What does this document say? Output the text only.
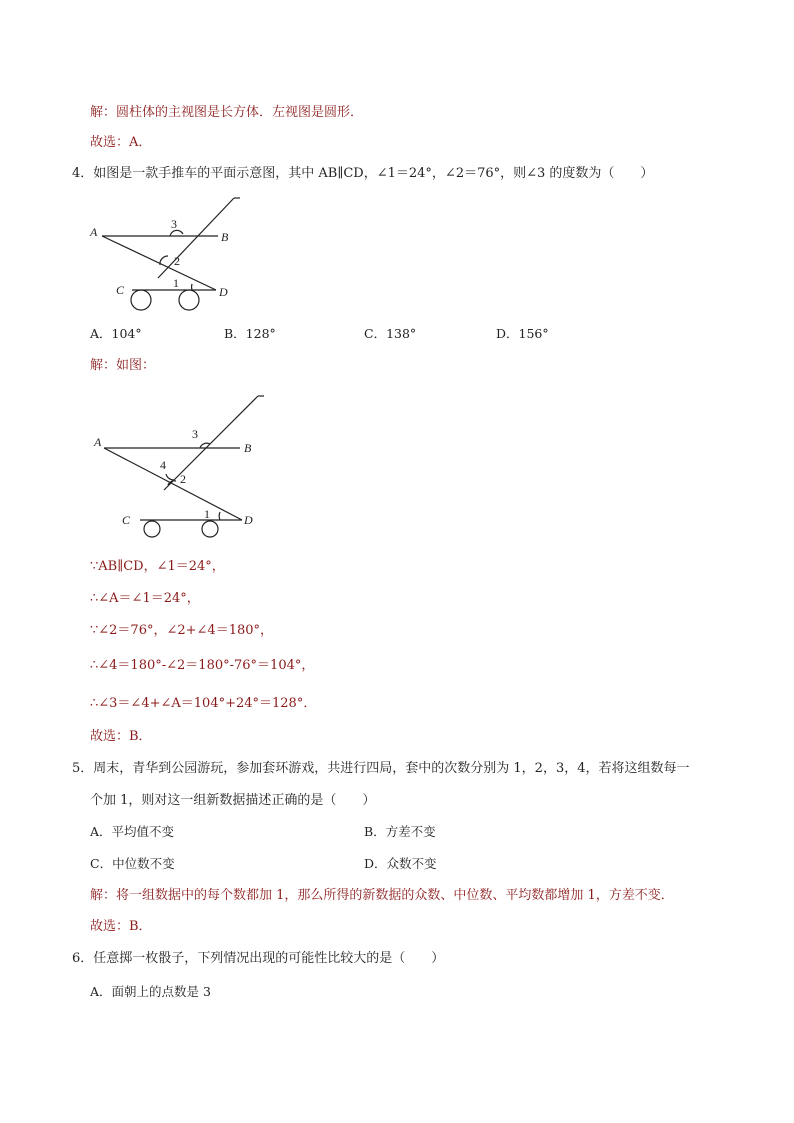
解：圆柱体的主视图是长方体．左视图是圆形．
故选：A．
4．如图是一款手推车的平面示意图，其中 AB∥CD，∠1＝24°，∠2＝76°，则∠3 的度数为（　　）
A	B
C	D
1
2
3
A．104°	B．128°	C．138°	D．156°
解：如图：
A	B
C	D
1
2
3
4
∵AB∥CD，∠1＝24°，
∴∠A＝∠1＝24°，
∵∠2＝76°，∠2+∠4＝180°，
∴∠4＝180°-∠2＝180°-76°＝104°，
∴∠3＝∠4+∠A＝104°+24°＝128°．
故选：B．
5．周末，青华到公园游玩，参加套环游戏，共进行四局，套中的次数分别为 1，2，3，4，若将这组数每一
个加 1，则对这一组新数据描述正确的是（　　）
A．平均值不变	B．方差不变
C．中位数不变	D．众数不变
解：将一组数据中的每个数都加 1，那么所得的新数据的众数、中位数、平均数都增加 1，方差不变．
故选：B．
6．任意掷一枚骰子，下列情况出现的可能性比较大的是（　　）
A．面朝上的点数是 3
